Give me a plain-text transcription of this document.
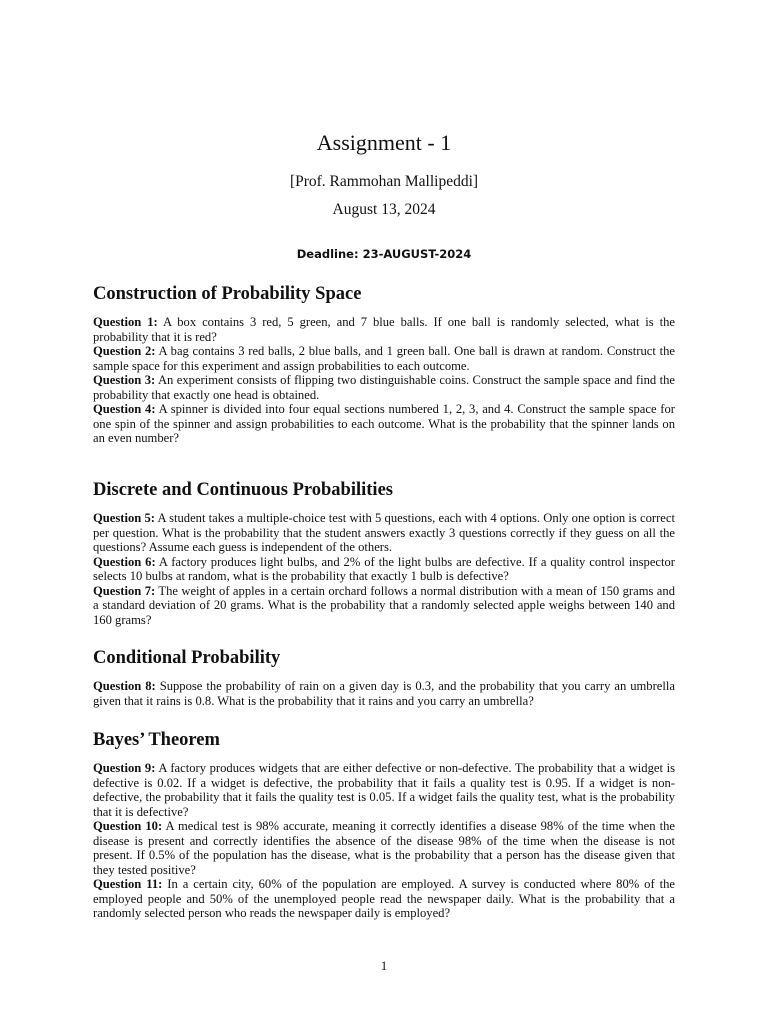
Assignment - 1
[Prof. Rammohan Mallipeddi]
August 13, 2024
Deadline: 23-AUGUST-2024
Construction of Probability Space

Question 1: A box contains 3 red, 5 green, and 7 blue balls. If one ball is randomly selected, what is the probability that it is red?

Question 2: A bag contains 3 red balls, 2 blue balls, and 1 green ball. One ball is drawn at random. Construct the sample space for this experiment and assign probabilities to each outcome.

Question 3: An experiment consists of flipping two distinguishable coins. Construct the sample space and find the probability that exactly one head is obtained.

Question 4: A spinner is divided into four equal sections numbered 1, 2, 3, and 4. Construct the sample space for one spin of the spinner and assign probabilities to each outcome. What is the probability that the spinner lands on an even number?

Discrete and Continuous Probabilities

Question 5: A student takes a multiple-choice test with 5 questions, each with 4 options. Only one option is correct per question. What is the probability that the student answers exactly 3 questions correctly if they guess on all the questions? Assume each guess is independent of the others.

Question 6: A factory produces light bulbs, and 2% of the light bulbs are defective. If a quality control inspector selects 10 bulbs at random, what is the probability that exactly 1 bulb is defective?

Question 7: The weight of apples in a certain orchard follows a normal distribution with a mean of 150 grams and a standard deviation of 20 grams. What is the probability that a randomly selected apple weighs between 140 and 160 grams?

Conditional Probability

Question 8: Suppose the probability of rain on a given day is 0.3, and the probability that you carry an umbrella given that it rains is 0.8. What is the probability that it rains and you carry an umbrella?

Bayes’ Theorem

Question 9: A factory produces widgets that are either defective or non-defective. The probability that a widget is defective is 0.02. If a widget is defective, the probability that it fails a quality test is 0.95. If a widget is non-defective, the probability that it fails the quality test is 0.05. If a widget fails the quality test, what is the probability that it is defective?

Question 10: A medical test is 98% accurate, meaning it correctly identifies a disease 98% of the time when the disease is present and correctly identifies the absence of the disease 98% of the time when the disease is not present. If 0.5% of the population has the disease, what is the probability that a person has the disease given that they tested positive?

Question 11: In a certain city, 60% of the population are employed. A survey is conducted where 80% of the employed people and 50% of the unemployed people read the newspaper daily. What is the probability that a randomly selected person who reads the newspaper daily is employed?

1
